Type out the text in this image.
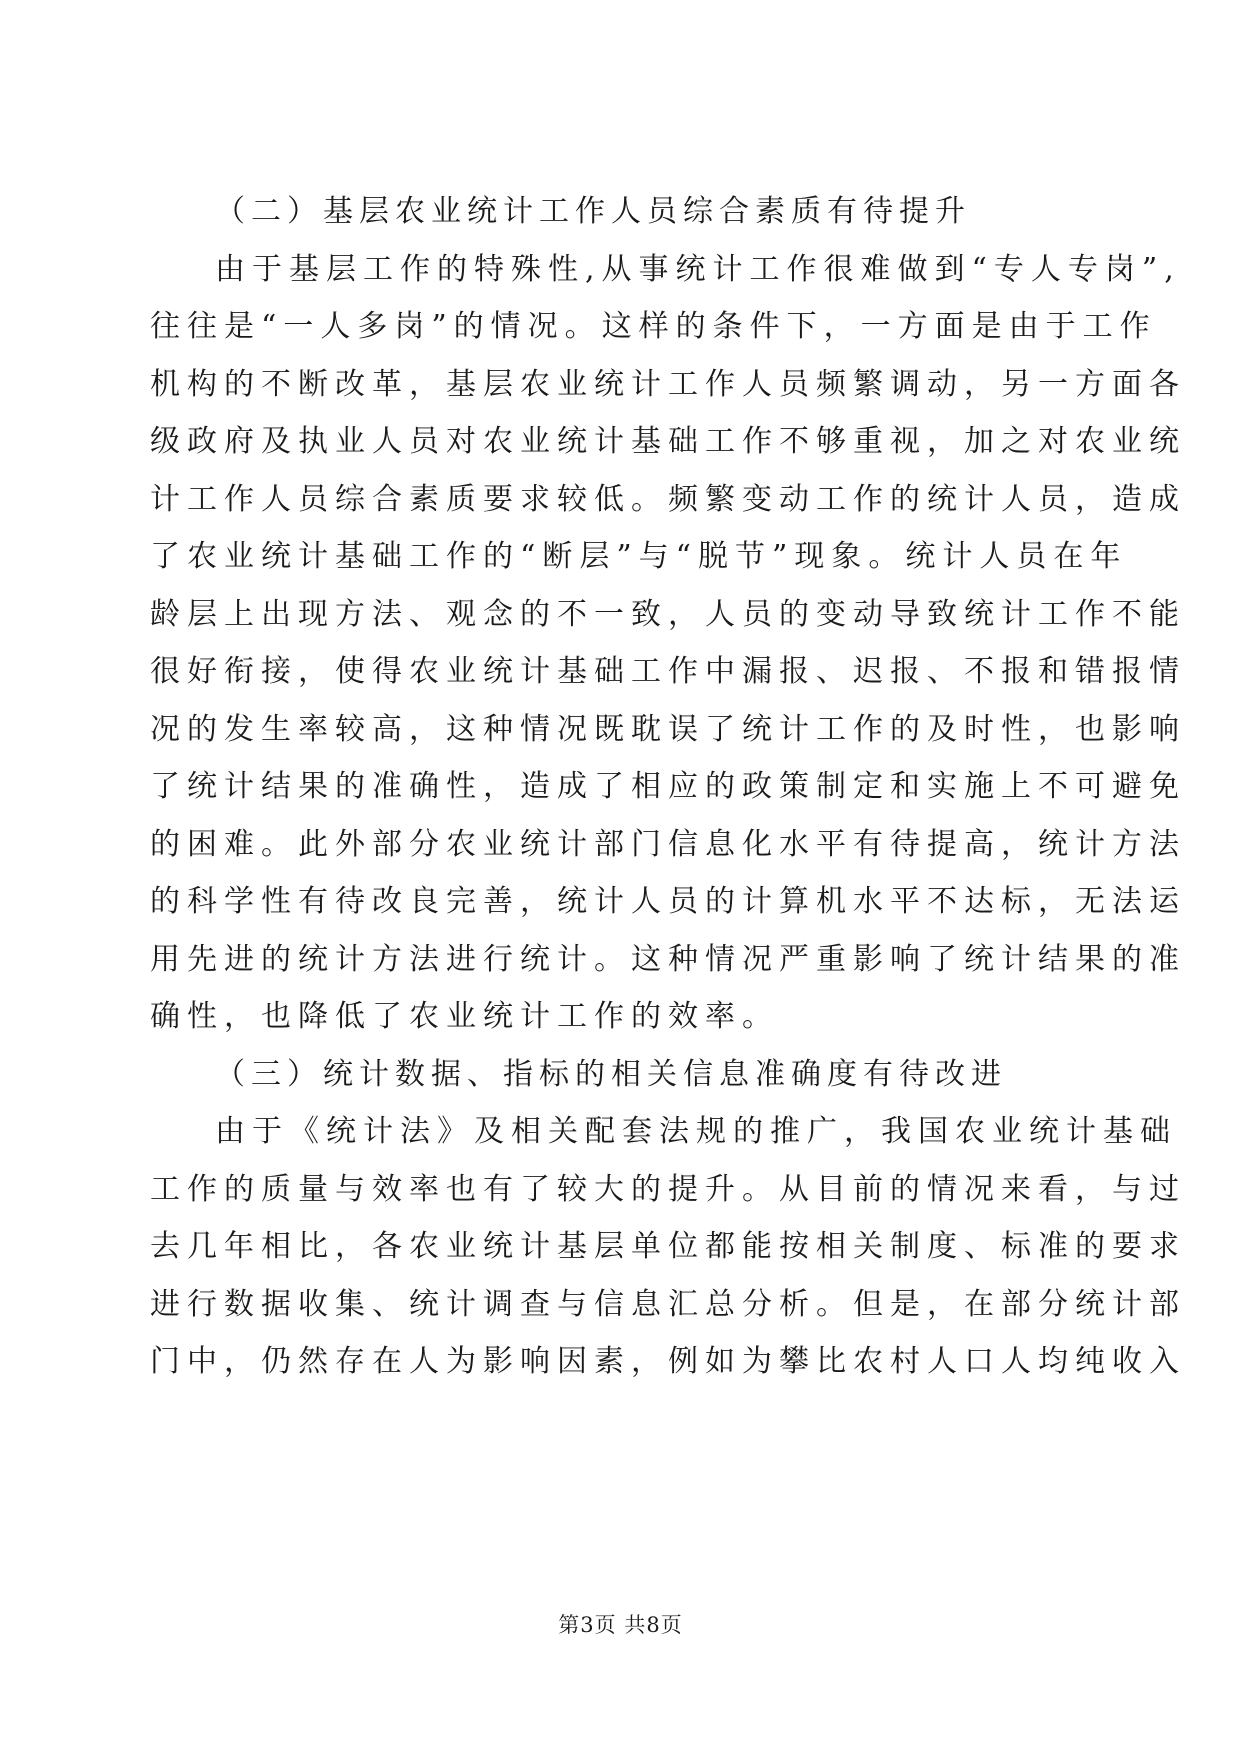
（二）基层农业统计工作人员综合素质有待提升
由于基层工作的特殊性,从事统计工作很难做到“专人专岗”,
往往是“一人多岗”的情况。这样的条件下，一方面是由于工作
机构的不断改革，基层农业统计工作人员频繁调动，另一方面各
级政府及执业人员对农业统计基础工作不够重视，加之对农业统
计工作人员综合素质要求较低。频繁变动工作的统计人员，造成
了农业统计基础工作的“断层”与“脱节”现象。统计人员在年
龄层上出现方法、观念的不一致，人员的变动导致统计工作不能
很好衔接，使得农业统计基础工作中漏报、迟报、不报和错报情
况的发生率较高，这种情况既耽误了统计工作的及时性，也影响
了统计结果的准确性，造成了相应的政策制定和实施上不可避免
的困难。此外部分农业统计部门信息化水平有待提高，统计方法
的科学性有待改良完善，统计人员的计算机水平不达标，无法运
用先进的统计方法进行统计。这种情况严重影响了统计结果的准
确性，也降低了农业统计工作的效率。
（三）统计数据、指标的相关信息准确度有待改进
由于《统计法》及相关配套法规的推广，我国农业统计基础
工作的质量与效率也有了较大的提升。从目前的情况来看，与过
去几年相比，各农业统计基层单位都能按相关制度、标准的要求
进行数据收集、统计调查与信息汇总分析。但是，在部分统计部
门中，仍然存在人为影响因素，例如为攀比农村人口人均纯收入
第3页 共8页
